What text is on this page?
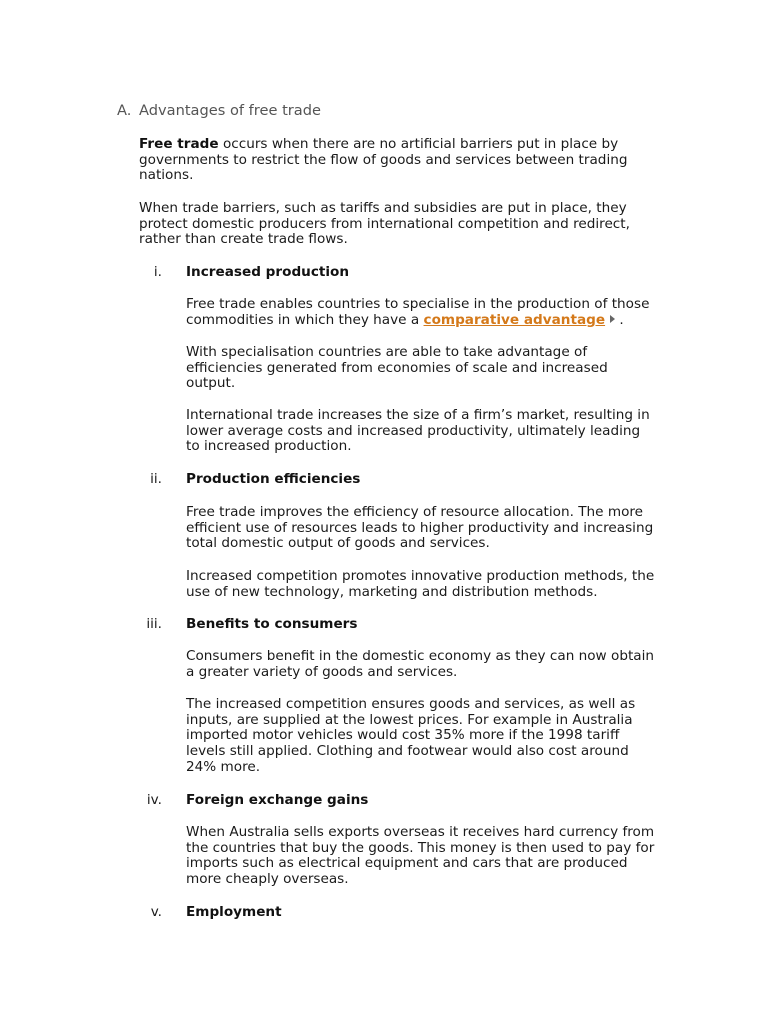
A. Advantages of free trade
Free trade occurs when there are no artificial barriers put in place by
governments to restrict the flow of goods and services between trading
nations.
When trade barriers, such as tariffs and subsidies are put in place, they
protect domestic producers from international competition and redirect,
rather than create trade flows.
i. Increased production
Free trade enables countries to specialise in the production of those
commodities in which they have a comparative advantage .
With specialisation countries are able to take advantage of
efficiencies generated from economies of scale and increased
output.
International trade increases the size of a firm’s market, resulting in
lower average costs and increased productivity, ultimately leading
to increased production.
ii. Production efficiencies
Free trade improves the efficiency of resource allocation. The more
efficient use of resources leads to higher productivity and increasing
total domestic output of goods and services.
Increased competition promotes innovative production methods, the
use of new technology, marketing and distribution methods.
iii. Benefits to consumers
Consumers benefit in the domestic economy as they can now obtain
a greater variety of goods and services.
The increased competition ensures goods and services, as well as
inputs, are supplied at the lowest prices. For example in Australia
imported motor vehicles would cost 35% more if the 1998 tariff
levels still applied. Clothing and footwear would also cost around
24% more.
iv. Foreign exchange gains
When Australia sells exports overseas it receives hard currency from
the countries that buy the goods. This money is then used to pay for
imports such as electrical equipment and cars that are produced
more cheaply overseas.
v. Employment
